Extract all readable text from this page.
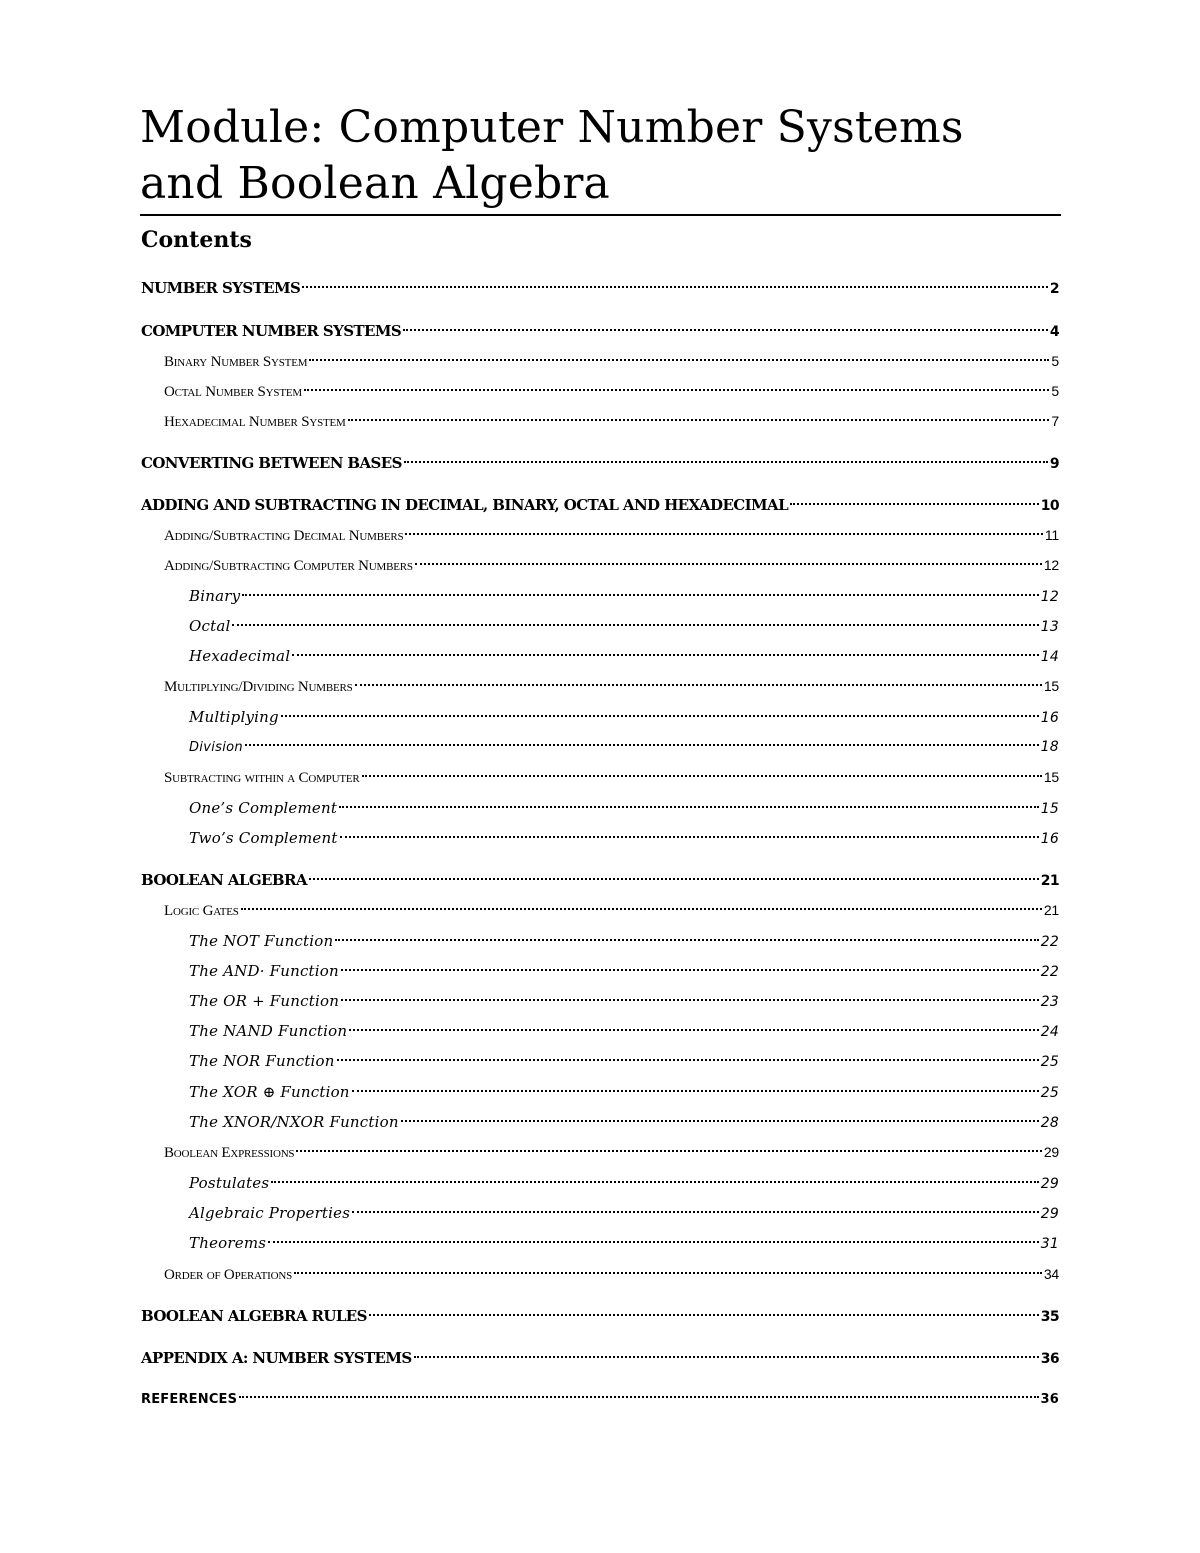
Module: Computer Number Systems and Boolean Algebra
Contents
NUMBER SYSTEMS	2
COMPUTER NUMBER SYSTEMS	4
Binary Number System	5
Octal Number System	5
Hexadecimal Number System	7
CONVERTING BETWEEN BASES	9
ADDING AND SUBTRACTING IN DECIMAL, BINARY, OCTAL AND HEXADECIMAL	10
Adding/Subtracting Decimal Numbers	11
Adding/Subtracting Computer Numbers	12
Binary	12
Octal	13
Hexadecimal	14
Multiplying/Dividing Numbers	15
Multiplying	16
Division	18
Subtracting within a Computer	15
One’s Complement	15
Two’s Complement	16
BOOLEAN ALGEBRA	21
Logic Gates	21
The NOT Function	22
The AND· Function	22
The OR + Function	23
The NAND Function	24
The NOR Function	25
The XOR ⊕ Function	25
The XNOR/NXOR Function	28
Boolean Expressions	29
Postulates	29
Algebraic Properties	29
Theorems	31
Order of Operations	34
BOOLEAN ALGEBRA RULES	35
APPENDIX A: NUMBER SYSTEMS	36
REFERENCES	36
